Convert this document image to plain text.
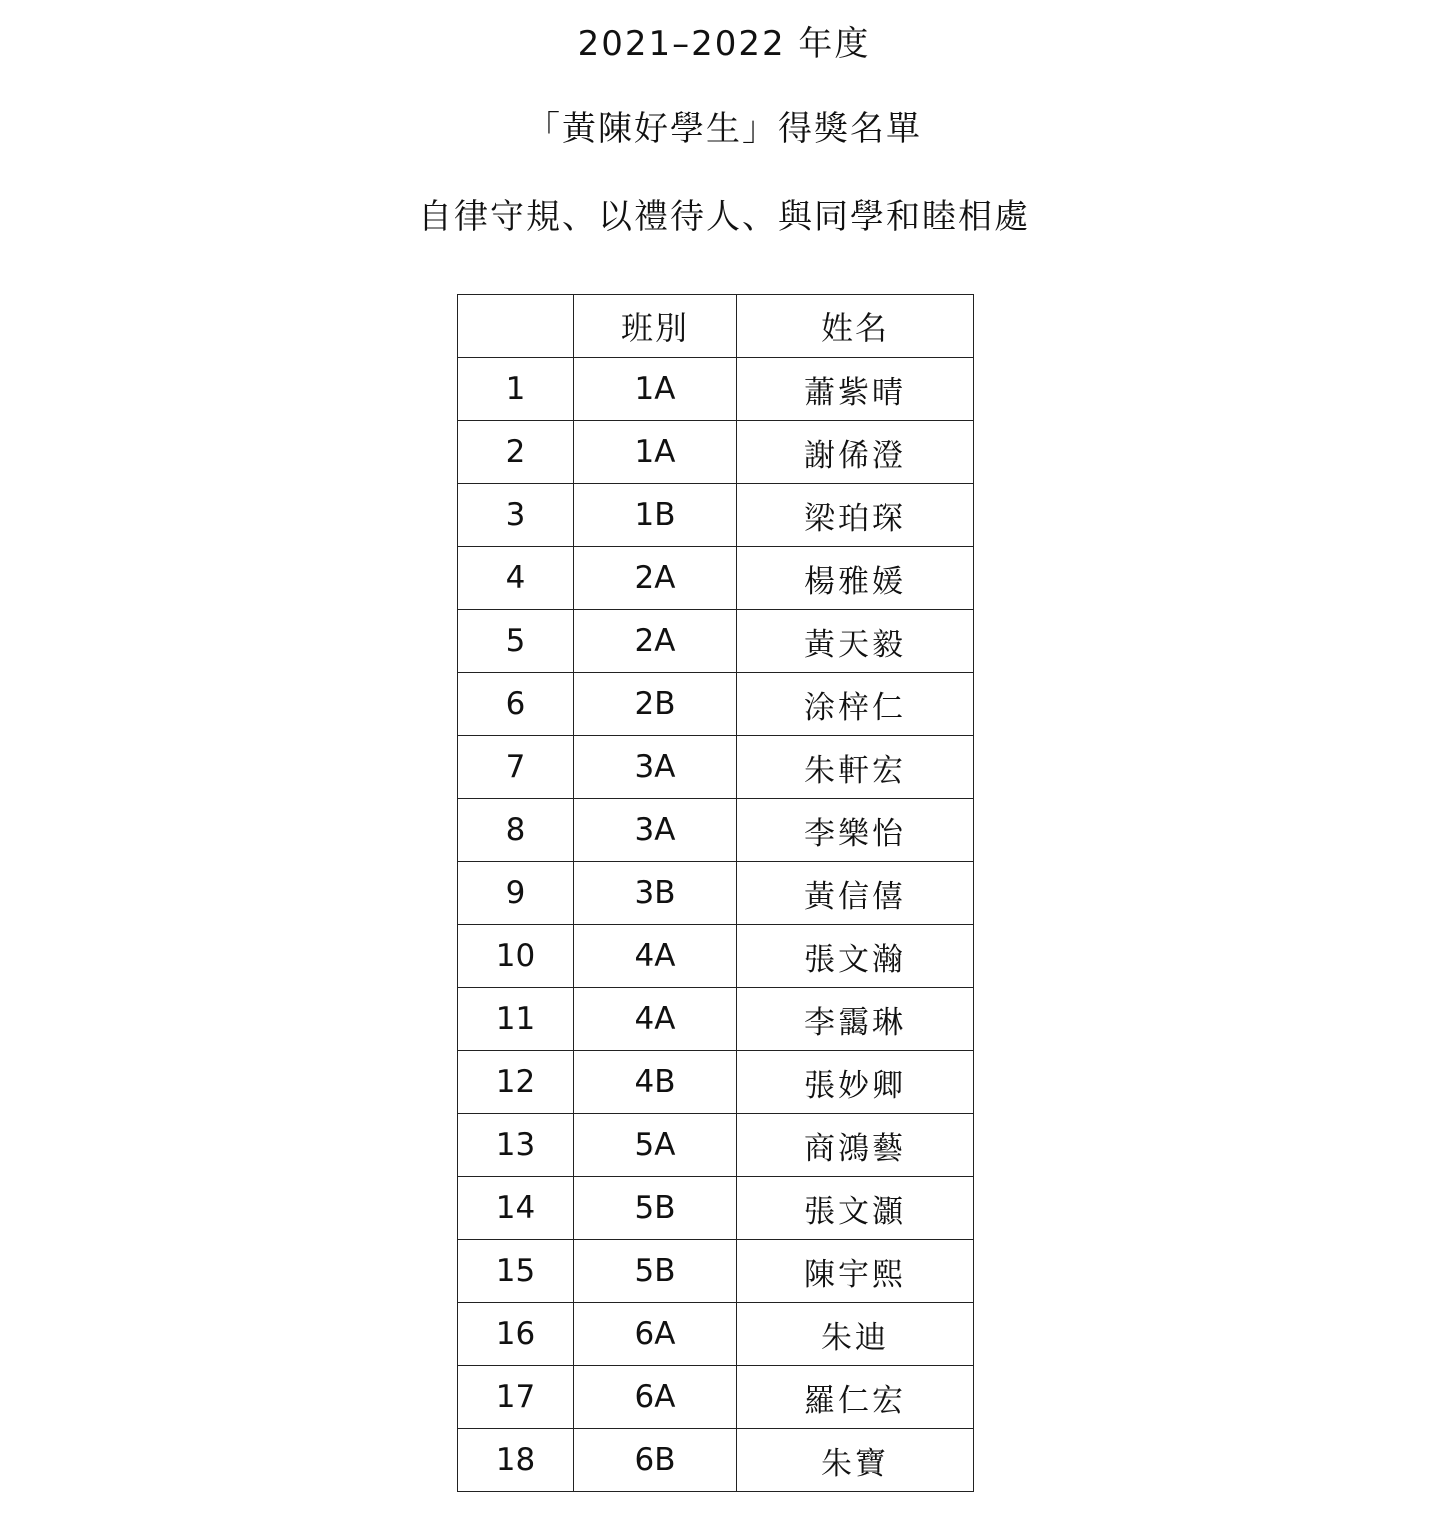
2021–2022 年度
「黃陳好學生」得獎名單
自律守規、以禮待人、與同學和睦相處
	班別	姓名
1	1A	蕭紫晴
2	1A	謝俙澄
3	1B	梁珀琛
4	2A	楊雅媛
5	2A	黃天毅
6	2B	涂梓仁
7	3A	朱軒宏
8	3A	李樂怡
9	3B	黃信僖
10	4A	張文瀚
11	4A	李靄琳
12	4B	張妙卿
13	5A	商鴻藝
14	5B	張文灝
15	5B	陳宇熙
16	6A	朱迪
17	6A	羅仁宏
18	6B	朱寶
